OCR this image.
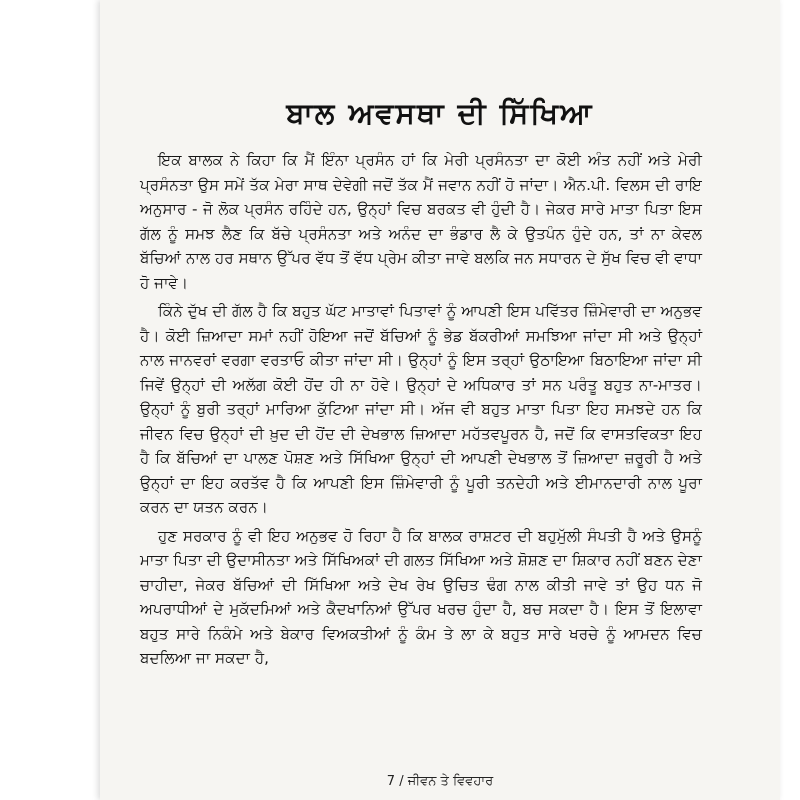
ਬਾਲ ਅਵਸਥਾ ਦੀ ਸਿੱਖਿਆ

ਇਕ ਬਾਲਕ ਨੇ ਕਿਹਾ ਕਿ ਮੈਂ ਇੰਨਾ ਪ੍ਰਸੰਨ ਹਾਂ ਕਿ ਮੇਰੀ ਪ੍ਰਸੰਨਤਾ ਦਾ ਕੋਈ ਅੰਤ ਨਹੀਂ ਅਤੇ ਮੇਰੀ ਪ੍ਰਸੰਨਤਾ ਉਸ ਸਮੇਂ ਤੱਕ ਮੇਰਾ ਸਾਥ ਦੇਵੇਗੀ ਜਦੋਂ ਤੱਕ ਮੈਂ ਜਵਾਨ ਨਹੀਂ ਹੋ ਜਾਂਦਾ। ਐਨ.ਪੀ. ਵਿਲਸ ਦੀ ਰਾਇ ਅਨੁਸਾਰ - ਜੋ ਲੋਕ ਪ੍ਰਸੰਨ ਰਹਿੰਦੇ ਹਨ, ਉਨ੍ਹਾਂ ਵਿਚ ਬਰਕਤ ਵੀ ਹੁੰਦੀ ਹੈ। ਜੇਕਰ ਸਾਰੇ ਮਾਤਾ ਪਿਤਾ ਇਸ ਗੱਲ ਨੂੰ ਸਮਝ ਲੈਣ ਕਿ ਬੱਚੇ ਪ੍ਰਸੰਨਤਾ ਅਤੇ ਅਨੰਦ ਦਾ ਭੰਡਾਰ ਲੈ ਕੇ ਉਤਪੰਨ ਹੁੰਦੇ ਹਨ, ਤਾਂ ਨਾ ਕੇਵਲ ਬੱਚਿਆਂ ਨਾਲ ਹਰ ਸਥਾਨ ਉੱਪਰ ਵੱਧ ਤੋਂ ਵੱਧ ਪ੍ਰੇਮ ਕੀਤਾ ਜਾਵੇ ਬਲਕਿ ਜਨ ਸਧਾਰਨ ਦੇ ਸੁੱਖ ਵਿਚ ਵੀ ਵਾਧਾ ਹੋ ਜਾਵੇ।

ਕਿੰਨੇ ਦੁੱਖ ਦੀ ਗੱਲ ਹੈ ਕਿ ਬਹੁਤ ਘੱਟ ਮਾਤਾਵਾਂ ਪਿਤਾਵਾਂ ਨੂੰ ਆਪਣੀ ਇਸ ਪਵਿੱਤਰ ਜ਼ਿੰਮੇਵਾਰੀ ਦਾ ਅਨੁਭਵ ਹੈ। ਕੋਈ ਜ਼ਿਆਦਾ ਸਮਾਂ ਨਹੀਂ ਹੋਇਆ ਜਦੋਂ ਬੱਚਿਆਂ ਨੂੰ ਭੇਡ ਬੱਕਰੀਆਂ ਸਮਝਿਆ ਜਾਂਦਾ ਸੀ ਅਤੇ ਉਨ੍ਹਾਂ ਨਾਲ ਜਾਨਵਰਾਂ ਵਰਗਾ ਵਰਤਾਓ ਕੀਤਾ ਜਾਂਦਾ ਸੀ। ਉਨ੍ਹਾਂ ਨੂੰ ਇਸ ਤਰ੍ਹਾਂ ਉਠਾਇਆ ਬਿਠਾਇਆ ਜਾਂਦਾ ਸੀ ਜਿਵੇਂ ਉਨ੍ਹਾਂ ਦੀ ਅਲੱਗ ਕੋਈ ਹੋਂਦ ਹੀ ਨਾ ਹੋਵੇ। ਉਨ੍ਹਾਂ ਦੇ ਅਧਿਕਾਰ ਤਾਂ ਸਨ ਪਰੰਤੂ ਬਹੁਤ ਨਾ-ਮਾਤਰ। ਉਨ੍ਹਾਂ ਨੂੰ ਬੁਰੀ ਤਰ੍ਹਾਂ ਮਾਰਿਆ ਕੁੱਟਿਆ ਜਾਂਦਾ ਸੀ। ਅੱਜ ਵੀ ਬਹੁਤ ਮਾਤਾ ਪਿਤਾ ਇਹ ਸਮਝਦੇ ਹਨ ਕਿ ਜੀਵਨ ਵਿਚ ਉਨ੍ਹਾਂ ਦੀ ਖ਼ੁਦ ਦੀ ਹੋਂਦ ਦੀ ਦੇਖਭਾਲ ਜ਼ਿਆਦਾ ਮਹੱਤਵਪੂਰਨ ਹੈ, ਜਦੋਂ ਕਿ ਵਾਸਤਵਿਕਤਾ ਇਹ ਹੈ ਕਿ ਬੱਚਿਆਂ ਦਾ ਪਾਲਣ ਪੋਸ਼ਣ ਅਤੇ ਸਿੱਖਿਆ ਉਨ੍ਹਾਂ ਦੀ ਆਪਣੀ ਦੇਖਭਾਲ ਤੋਂ ਜ਼ਿਆਦਾ ਜ਼ਰੂਰੀ ਹੈ ਅਤੇ ਉਨ੍ਹਾਂ ਦਾ ਇਹ ਕਰਤੱਵ ਹੈ ਕਿ ਆਪਣੀ ਇਸ ਜ਼ਿੰਮੇਵਾਰੀ ਨੂੰ ਪੂਰੀ ਤਨਦੇਹੀ ਅਤੇ ਈਮਾਨਦਾਰੀ ਨਾਲ ਪੂਰਾ ਕਰਨ ਦਾ ਯਤਨ ਕਰਨ।

ਹੁਣ ਸਰਕਾਰ ਨੂੰ ਵੀ ਇਹ ਅਨੁਭਵ ਹੋ ਰਿਹਾ ਹੈ ਕਿ ਬਾਲਕ ਰਾਸ਼ਟਰ ਦੀ ਬਹੁਮੁੱਲੀ ਸੰਪਤੀ ਹੈ ਅਤੇ ਉਸਨੂੰ ਮਾਤਾ ਪਿਤਾ ਦੀ ਉਦਾਸੀਨਤਾ ਅਤੇ ਸਿੱਖਿਅਕਾਂ ਦੀ ਗਲਤ ਸਿੱਖਿਆ ਅਤੇ ਸ਼ੋਸ਼ਣ ਦਾ ਸ਼ਿਕਾਰ ਨਹੀਂ ਬਣਨ ਦੇਣਾ ਚਾਹੀਦਾ, ਜੇਕਰ ਬੱਚਿਆਂ ਦੀ ਸਿੱਖਿਆ ਅਤੇ ਦੇਖ ਰੇਖ ਉਚਿਤ ਢੰਗ ਨਾਲ ਕੀਤੀ ਜਾਵੇ ਤਾਂ ਉਹ ਧਨ ਜੋ ਅਪਰਾਧੀਆਂ ਦੇ ਮੁਕੱਦਮਿਆਂ ਅਤੇ ਕੈਦਖਾਨਿਆਂ ਉੱਪਰ ਖਰਚ ਹੁੰਦਾ ਹੈ, ਬਚ ਸਕਦਾ ਹੈ। ਇਸ ਤੋਂ ਇਲਾਵਾ ਬਹੁਤ ਸਾਰੇ ਨਿਕੰਮੇ ਅਤੇ ਬੇਕਾਰ ਵਿਅਕਤੀਆਂ ਨੂੰ ਕੰਮ ਤੇ ਲਾ ਕੇ ਬਹੁਤ ਸਾਰੇ ਖਰਚੇ ਨੂੰ ਆਮਦਨ ਵਿਚ ਬਦਲਿਆ ਜਾ ਸਕਦਾ ਹੈ,

7 / ਜੀਵਨ ਤੇ ਵਿਵਹਾਰ
